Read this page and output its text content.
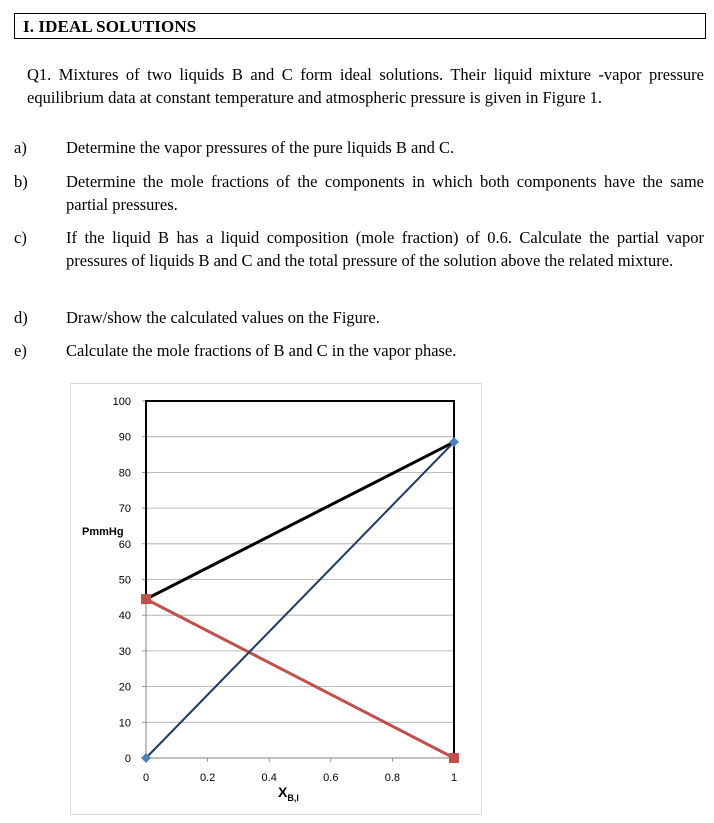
I. IDEAL SOLUTIONS
Q1. Mixtures of two liquids B and C form ideal solutions. Their liquid mixture -vapor pressure equilibrium data at constant temperature and atmospheric pressure is given in Figure 1.
a) Determine the vapor pressures of the pure liquids B and C.
b) Determine the mole fractions of the components in which both components have the same partial pressures.
c) If the liquid B has a liquid composition (mole fraction) of 0.6. Calculate the partial vapor pressures of liquids B and C and the total pressure of the solution above the related mixture.
d) Draw/show the calculated values on the Figure.
e) Calculate the mole fractions of B and C in the vapor phase.
0
10
20
30
40
50
60
70
80
90
100
0	0.2	0.4	0.6	0.8	1
PmmHg
$X_{B,l}$
